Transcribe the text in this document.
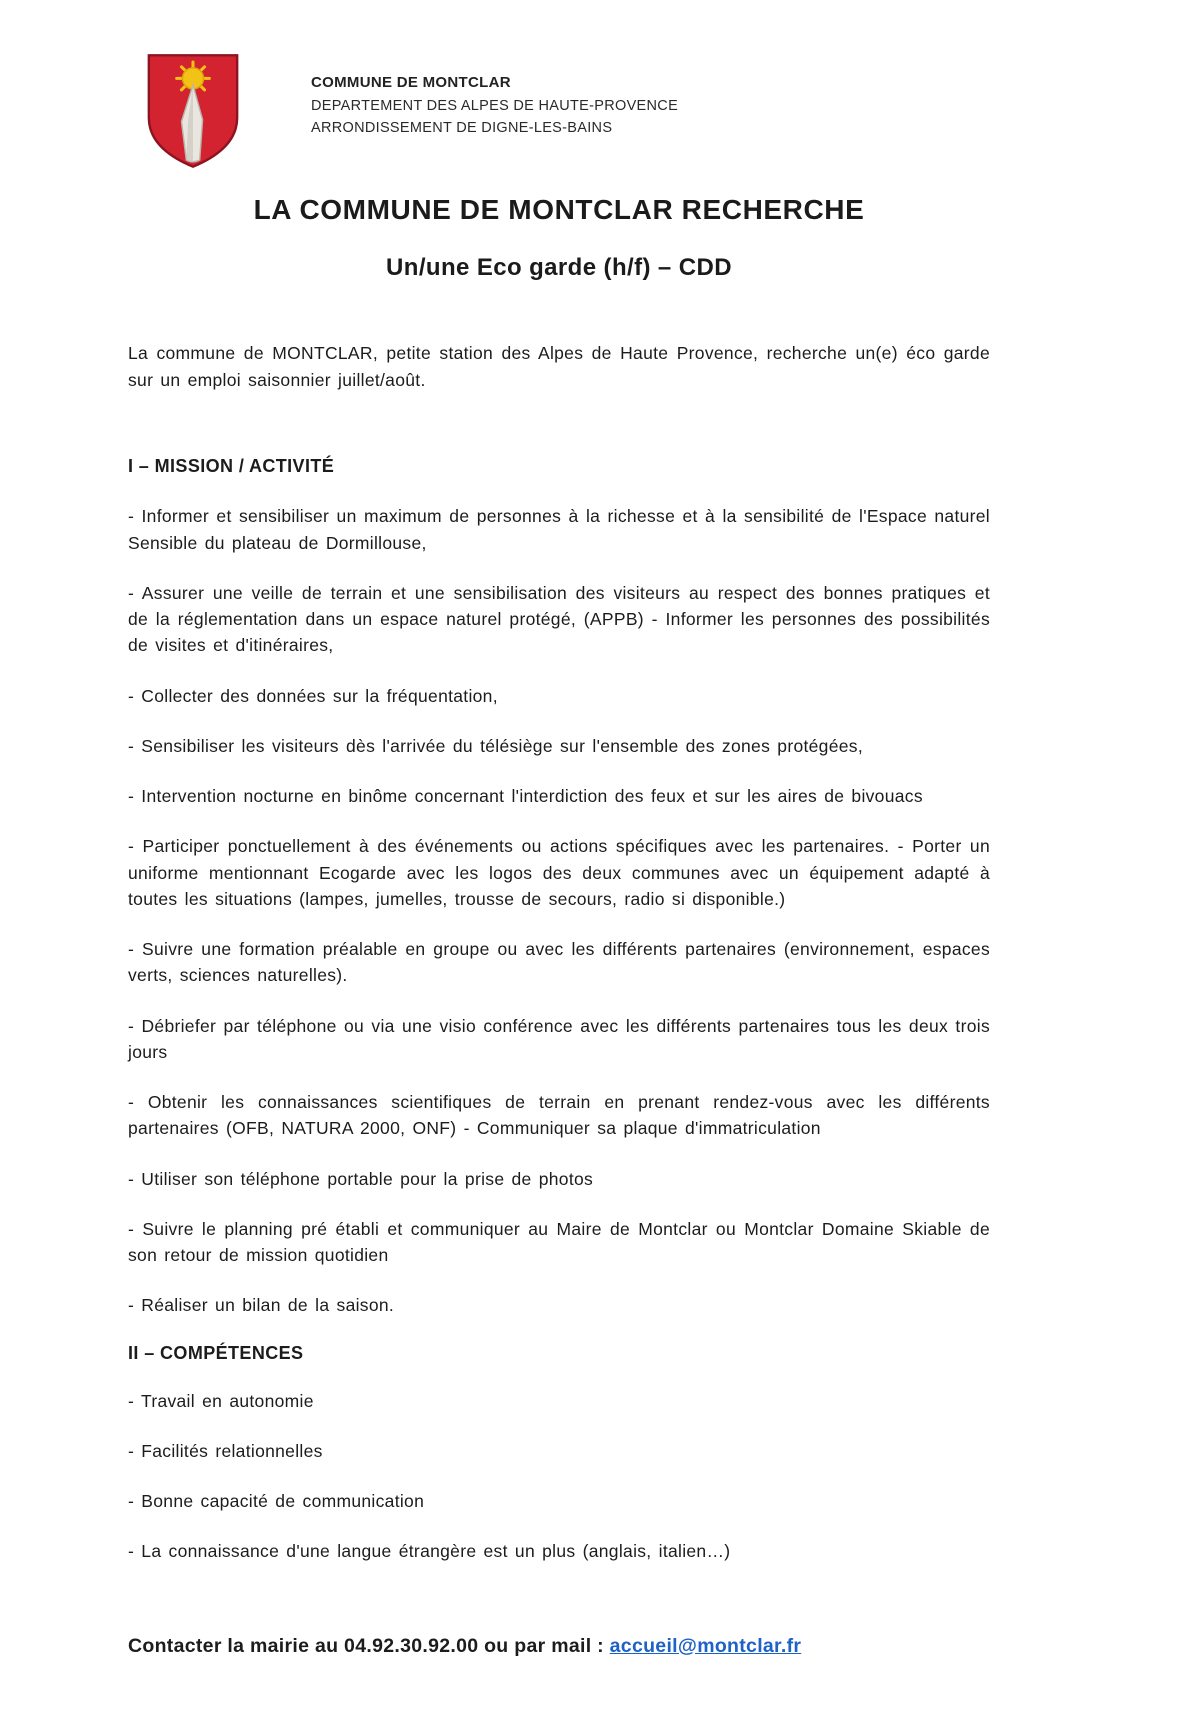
COMMUNE DE MONTCLAR
DEPARTEMENT DES ALPES DE HAUTE-PROVENCE
ARRONDISSEMENT DE DIGNE-LES-BAINS
LA COMMUNE DE MONTCLAR RECHERCHE
Un/une Eco garde (h/f) – CDD

La commune de MONTCLAR, petite station des Alpes de Haute Provence, recherche un(e) éco garde sur un emploi saisonnier juillet/août.

I – MISSION / ACTIVITÉ

- Informer et sensibiliser un maximum de personnes à la richesse et à la sensibilité de l'Espace naturel Sensible du plateau de Dormillouse,

- Assurer une veille de terrain et une sensibilisation des visiteurs au respect des bonnes pratiques et de la réglementation dans un espace naturel protégé, (APPB) - Informer les personnes des possibilités de visites et d'itinéraires,

- Collecter des données sur la fréquentation,

- Sensibiliser les visiteurs dès l'arrivée du télésiège sur l'ensemble des zones protégées,

- Intervention nocturne en binôme concernant l'interdiction des feux et sur les aires de bivouacs

- Participer ponctuellement à des événements ou actions spécifiques avec les partenaires. - Porter un uniforme mentionnant Ecogarde avec les logos des deux communes avec un équipement adapté à toutes les situations (lampes, jumelles, trousse de secours, radio si disponible.)

- Suivre une formation préalable en groupe ou avec les différents partenaires (environnement, espaces verts, sciences naturelles).

- Débriefer par téléphone ou via une visio conférence avec les différents partenaires tous les deux trois jours

- Obtenir les connaissances scientifiques de terrain en prenant rendez-vous avec les différents partenaires (OFB, NATURA 2000, ONF) - Communiquer sa plaque d'immatriculation

- Utiliser son téléphone portable pour la prise de photos

- Suivre le planning pré établi et communiquer au Maire de Montclar ou Montclar Domaine Skiable de son retour de mission quotidien

- Réaliser un bilan de la saison.

II – COMPÉTENCES

- Travail en autonomie

- Facilités relationnelles

- Bonne capacité de communication

- La connaissance d'une langue étrangère est un plus (anglais, italien…)

Contacter la mairie au 04.92.30.92.00 ou par mail : accueil@montclar.fr
